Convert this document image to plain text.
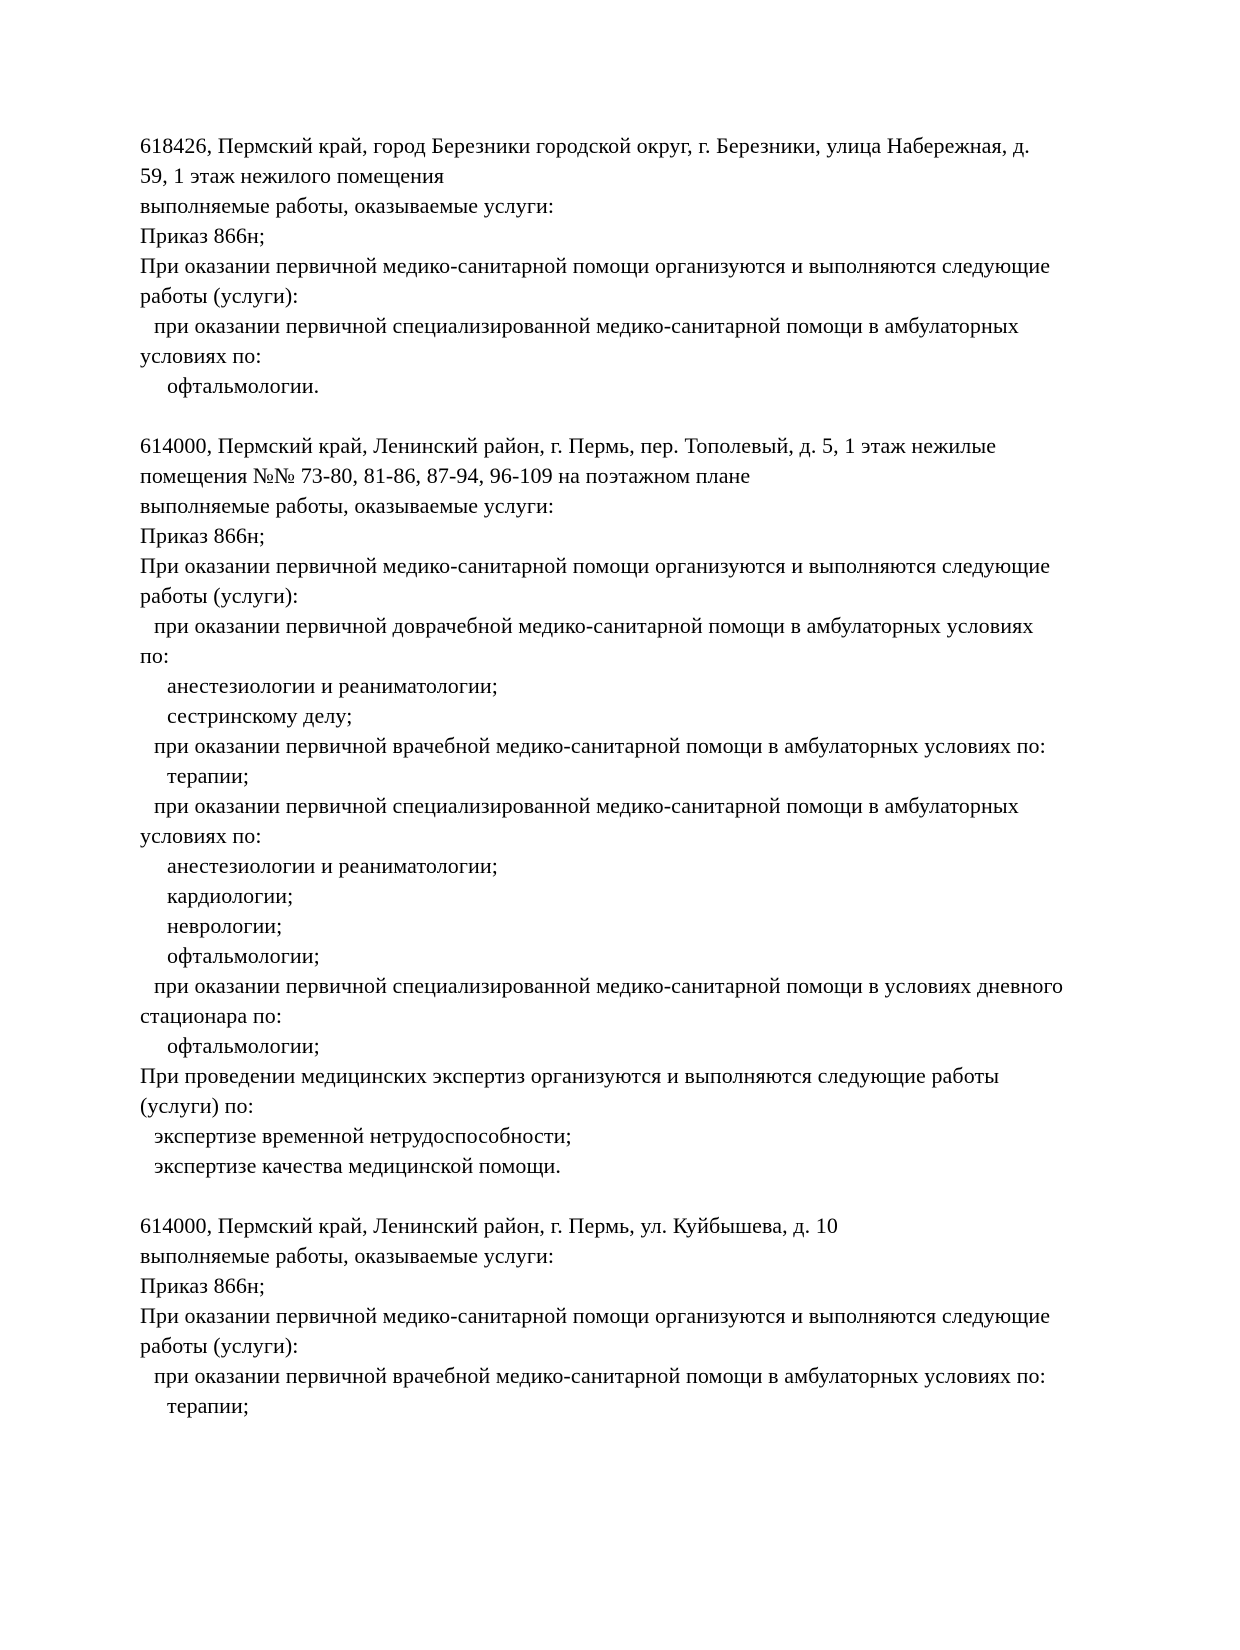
618426, Пермский край, город Березники городской округ, г. Березники, улица Набережная, д.
59, 1 этаж нежилого помещения
выполняемые работы, оказываемые услуги:
Приказ 866н;
При оказании первичной медико-санитарной помощи организуются и выполняются следующие
работы (услуги):
при оказании первичной специализированной медико-санитарной помощи в амбулаторных
условиях по:
офтальмологии.
614000, Пермский край, Ленинский район, г. Пермь, пер. Тополевый, д. 5, 1 этаж нежилые
помещения №№ 73-80, 81-86, 87-94, 96-109 на поэтажном плане
выполняемые работы, оказываемые услуги:
Приказ 866н;
При оказании первичной медико-санитарной помощи организуются и выполняются следующие
работы (услуги):
при оказании первичной доврачебной медико-санитарной помощи в амбулаторных условиях
по:
анестезиологии и реаниматологии;
сестринскому делу;
при оказании первичной врачебной медико-санитарной помощи в амбулаторных условиях по:
терапии;
при оказании первичной специализированной медико-санитарной помощи в амбулаторных
условиях по:
анестезиологии и реаниматологии;
кардиологии;
неврологии;
офтальмологии;
при оказании первичной специализированной медико-санитарной помощи в условиях дневного
стационара по:
офтальмологии;
При проведении медицинских экспертиз организуются и выполняются следующие работы
(услуги) по:
экспертизе временной нетрудоспособности;
экспертизе качества медицинской помощи.
614000, Пермский край, Ленинский район, г. Пермь, ул. Куйбышева, д. 10
выполняемые работы, оказываемые услуги:
Приказ 866н;
При оказании первичной медико-санитарной помощи организуются и выполняются следующие
работы (услуги):
при оказании первичной врачебной медико-санитарной помощи в амбулаторных условиях по:
терапии;
